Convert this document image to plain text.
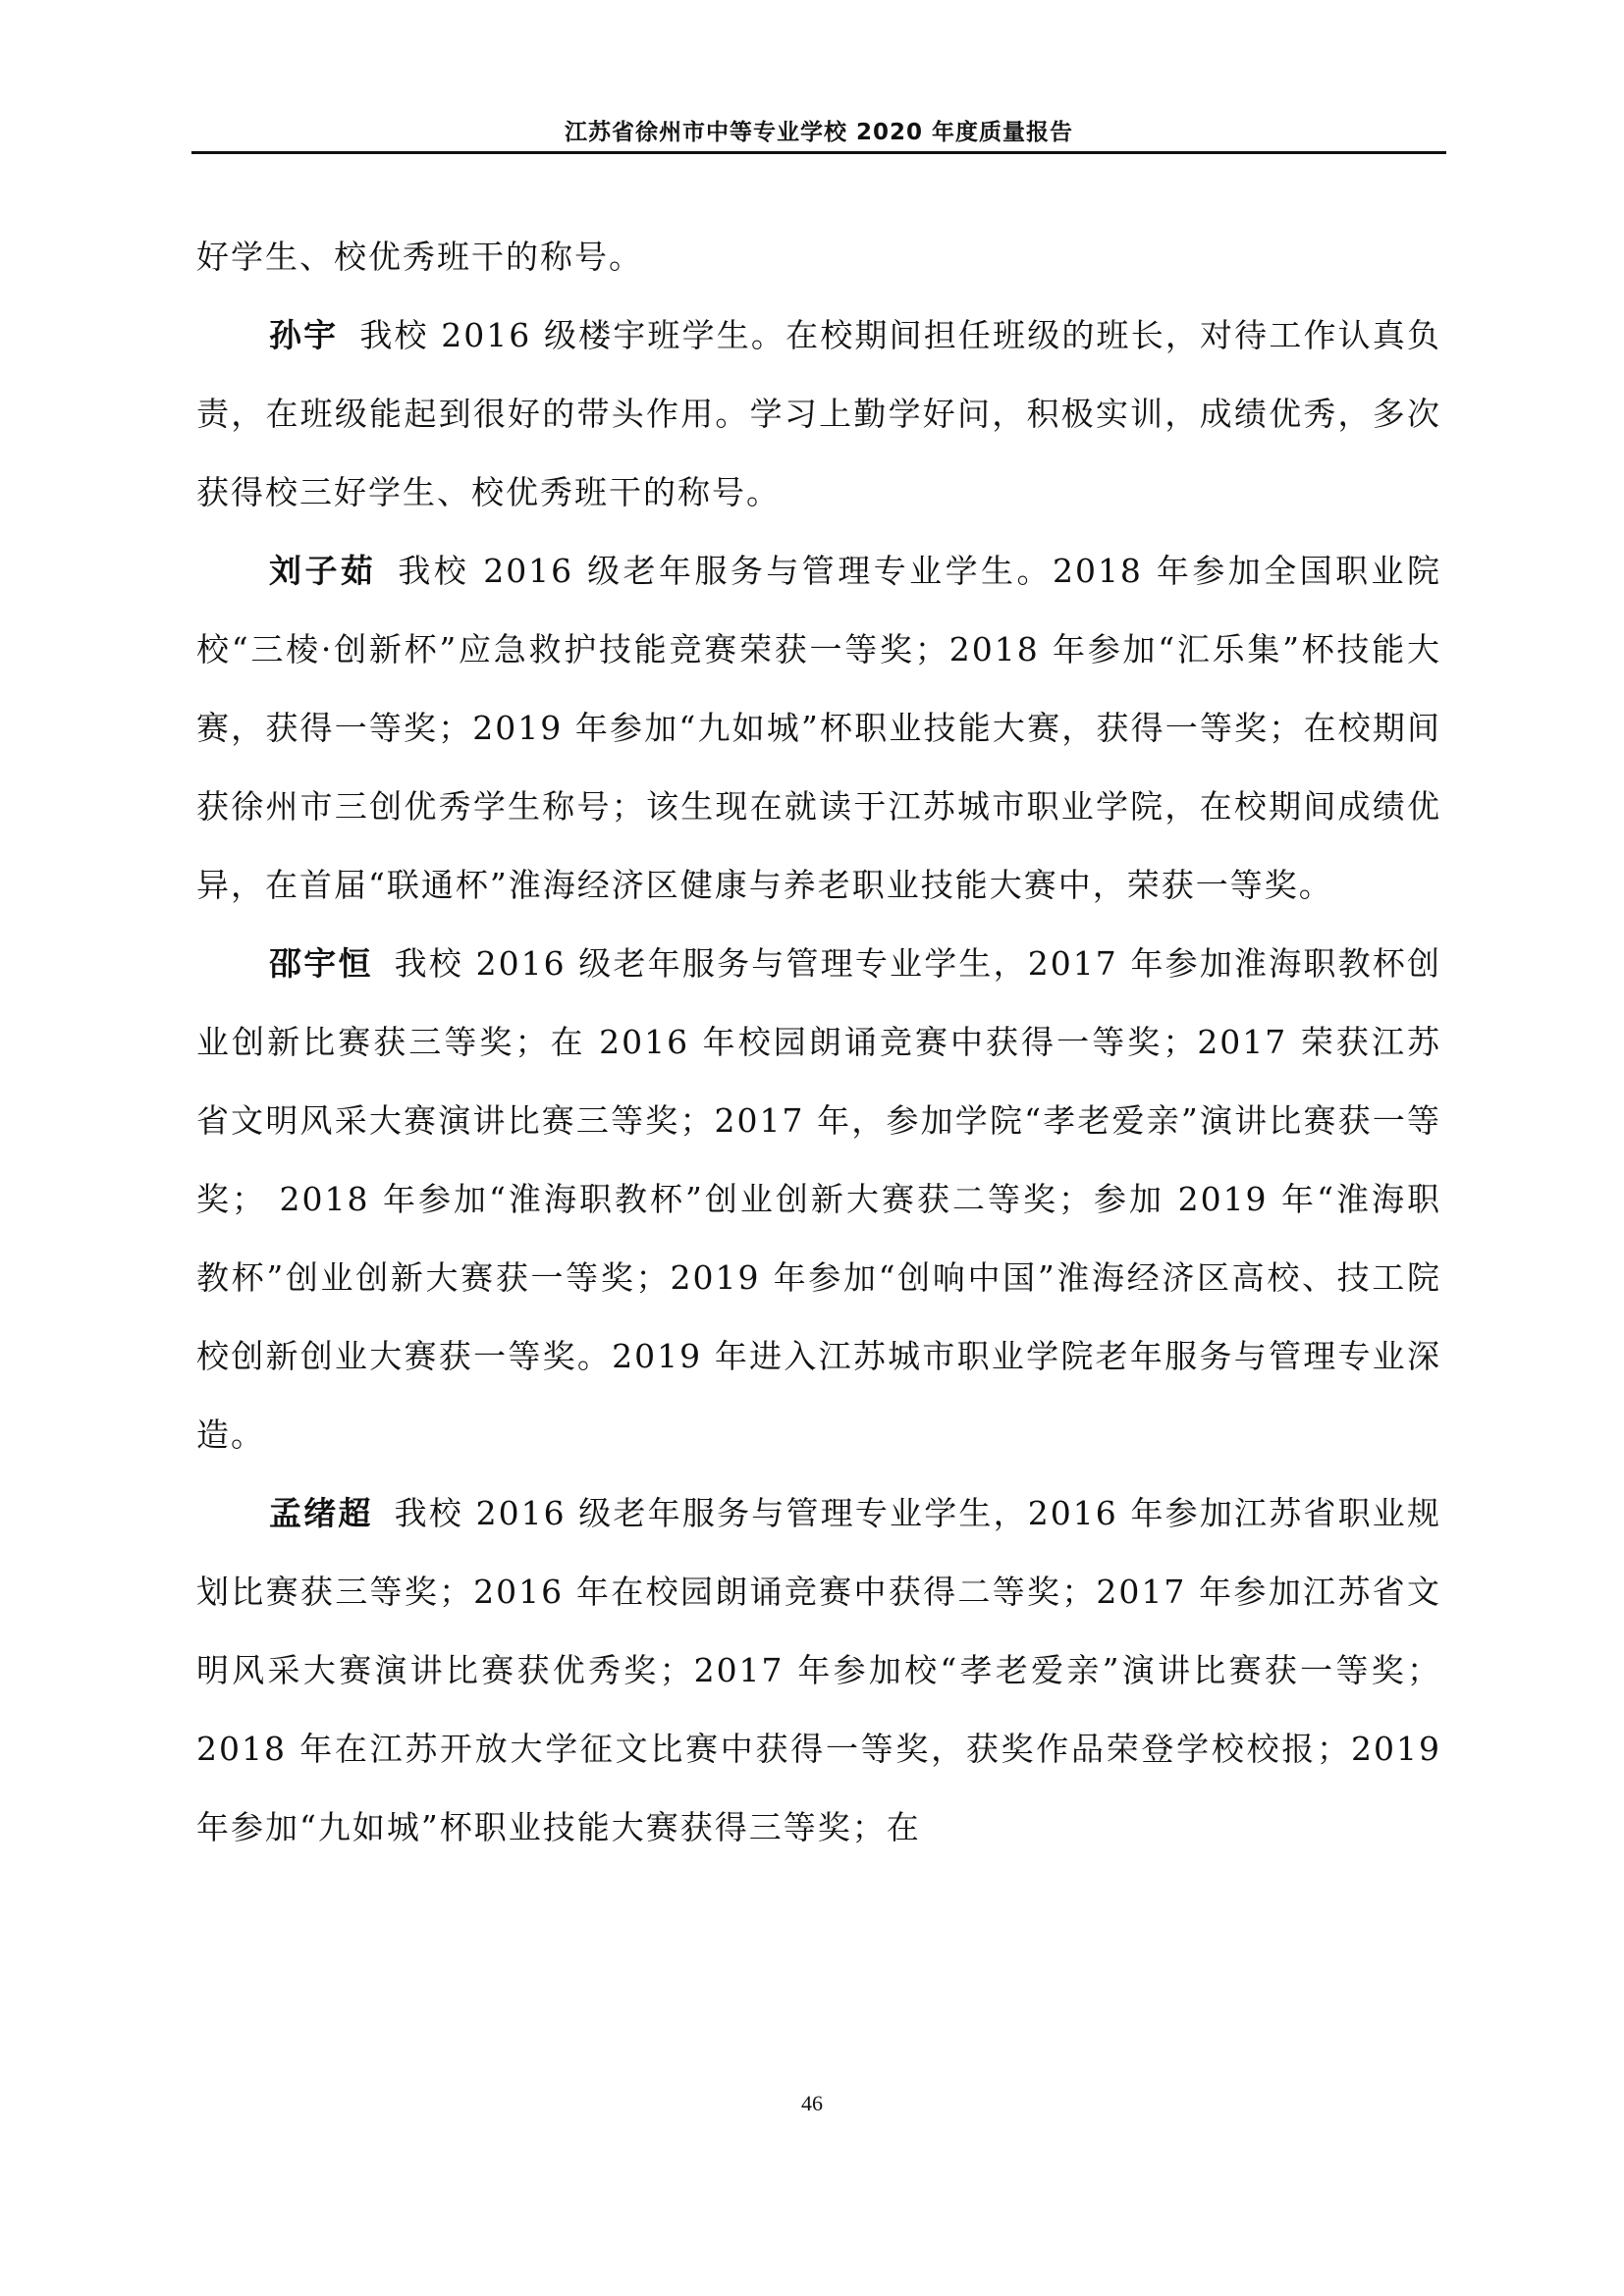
江苏省徐州市中等专业学校 2020 年度质量报告

好学生、校优秀班干的称号。

孙宇 我校 2016 级楼宇班学生。在校期间担任班级的班长，对待工作认真负责，在班级能起到很好的带头作用。学习上勤学好问，积极实训，成绩优秀，多次获得校三好学生、校优秀班干的称号。

刘子茹 我校 2016 级老年服务与管理专业学生。2018 年参加全国职业院校“三棱·创新杯”应急救护技能竞赛荣获一等奖；2018 年参加“汇乐集”杯技能大赛，获得一等奖；2019 年参加“九如城”杯职业技能大赛，获得一等奖；在校期间获徐州市三创优秀学生称号；该生现在就读于江苏城市职业学院，在校期间成绩优异，在首届“联通杯”淮海经济区健康与养老职业技能大赛中，荣获一等奖。

邵宇恒 我校 2016 级老年服务与管理专业学生，2017 年参加淮海职教杯创业创新比赛获三等奖；在 2016 年校园朗诵竞赛中获得一等奖；2017 荣获江苏省文明风采大赛演讲比赛三等奖；2017 年，参加学院“孝老爱亲”演讲比赛获一等奖； 2018 年参加“淮海职教杯”创业创新大赛获二等奖；参加 2019 年“淮海职教杯”创业创新大赛获一等奖；2019 年参加“创响中国”淮海经济区高校、技工院校创新创业大赛获一等奖。2019 年进入江苏城市职业学院老年服务与管理专业深造。

孟绪超 我校 2016 级老年服务与管理专业学生，2016 年参加江苏省职业规划比赛获三等奖；2016 年在校园朗诵竞赛中获得二等奖；2017 年参加江苏省文明风采大赛演讲比赛获优秀奖；2017 年参加校“孝老爱亲”演讲比赛获一等奖；2018 年在江苏开放大学征文比赛中获得一等奖，获奖作品荣登学校校报；2019 年参加“九如城”杯职业技能大赛获得三等奖；在

46
